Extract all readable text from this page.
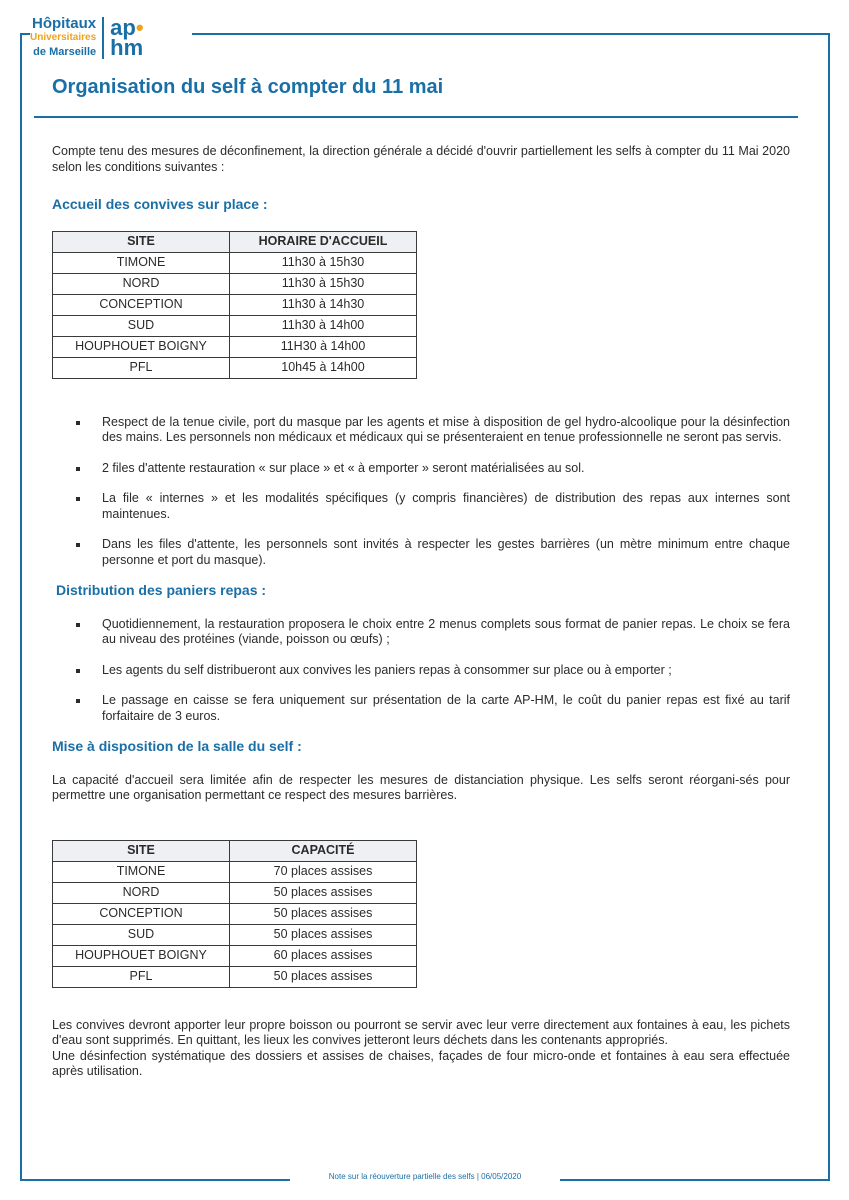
Hôpitaux
Universitaires
de Marseille
ap•
hm
Organisation du self à compter du 11 mai

Compte tenu des mesures de déconfinement, la direction générale a décidé d'ouvrir partiellement les selfs à compter du 11 Mai 2020 selon les conditions suivantes :

Accueil des convives sur place :
SITE	HORAIRE D'ACCUEIL
TIMONE	11h30 à 15h30
NORD	11h30 à 15h30
CONCEPTION	11h30 à 14h30
SUD	11h30 à 14h00
HOUPHOUET BOIGNY	11H30 à 14h00
PFL	10h45 à 14h00
Respect de la tenue civile, port du masque par les agents et mise à disposition de gel hydro-alcoolique pour la désinfection des mains. Les personnels non médicaux et médicaux qui se présenteraient en tenue professionnelle ne seront pas servis.
2 files d'attente restauration « sur place » et « à emporter » seront matérialisées au sol.
La file « internes » et les modalités spécifiques (y compris financières) de distribution des repas aux internes sont maintenues.
Dans les files d'attente, les personnels sont invités à respecter les gestes barrières (un mètre minimum entre chaque personne et port du masque).
Distribution des paniers repas :
Quotidiennement, la restauration proposera le choix entre 2 menus complets sous format de panier repas. Le choix se fera au niveau des protéines (viande, poisson ou œufs) ;
Les agents du self distribueront aux convives les paniers repas à consommer sur place ou à emporter ;
Le passage en caisse se fera uniquement sur présentation de la carte AP-HM, le coût du panier repas est fixé au tarif forfaitaire de 3 euros.
Mise à disposition de la salle du self :

La capacité d'accueil sera limitée afin de respecter les mesures de distanciation physique. Les selfs seront réorgani-sés pour permettre une organisation permettant ce respect des mesures barrières.

SITE	CAPACITÉ
TIMONE	70 places assises
NORD	50 places assises
CONCEPTION	50 places assises
SUD	50 places assises
HOUPHOUET BOIGNY	60 places assises
PFL	50 places assises

Les convives devront apporter leur propre boisson ou pourront se servir avec leur verre directement aux fontaines à eau, les pichets d'eau sont supprimés. En quittant, les lieux les convives jetteront leurs déchets dans les contenants appropriés.

Une désinfection systématique des dossiers et assises de chaises, façades de four micro-onde et fontaines à eau sera effectuée après utilisation.

Note sur la réouverture partielle des selfs | 06/05/2020
